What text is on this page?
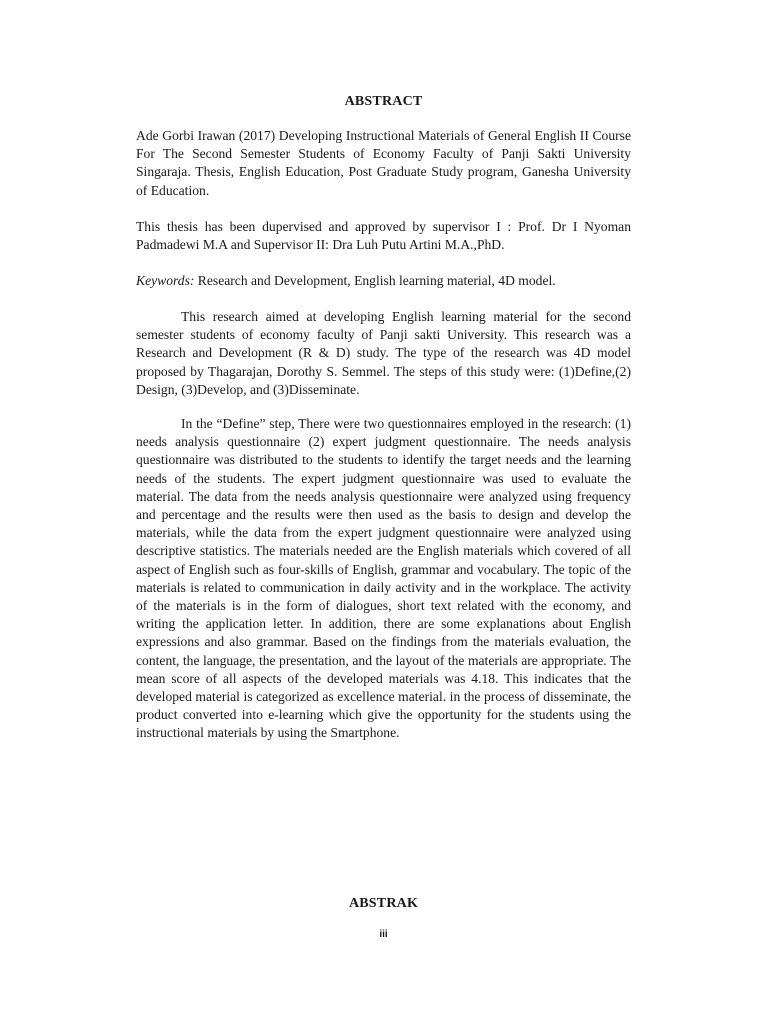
ABSTRACT

Ade Gorbi Irawan (2017) Developing Instructional Materials of General English II Course For The Second Semester Students of Economy Faculty of Panji Sakti University Singaraja. Thesis, English Education, Post Graduate Study program, Ganesha University of Education.

This thesis has been dupervised and approved by supervisor I : Prof. Dr I Nyoman Padmadewi M.A and Supervisor II: Dra Luh Putu Artini M.A.,PhD.

Keywords: Research and Development, English learning material, 4D model.

This research aimed at developing English learning material for the second semester students of economy faculty of Panji sakti University. This research was a Research and Development (R & D) study. The type of the research was 4D model proposed by Thagarajan, Dorothy S. Semmel. The steps of this study were: (1)Define,(2) Design, (3)Develop, and (3)Disseminate.

In the “Define” step, There were two questionnaires employed in the research: (1) needs analysis questionnaire (2) expert judgment questionnaire. The needs analysis questionnaire was distributed to the students to identify the target needs and the learning needs of the students. The expert judgment questionnaire was used to evaluate the material. The data from the needs analysis questionnaire were analyzed using frequency and percentage and the results were then used as the basis to design and develop the materials, while the data from the expert judgment questionnaire were analyzed using descriptive statistics. The materials needed are the English materials which covered of all aspect of English such as four-skills of English, grammar and vocabulary. The topic of the materials is related to communication in daily activity and in the workplace. The activity of the materials is in the form of dialogues, short text related with the economy, and writing the application letter. In addition, there are some explanations about English expressions and also grammar. Based on the findings from the materials evaluation, the content, the language, the presentation, and the layout of the materials are appropriate. The mean score of all aspects of the developed materials was 4.18. This indicates that the developed material is categorized as excellence material. in the process of disseminate, the product converted into e-learning which give the opportunity for the students using the instructional materials by using the Smartphone.

ABSTRAK
iii
